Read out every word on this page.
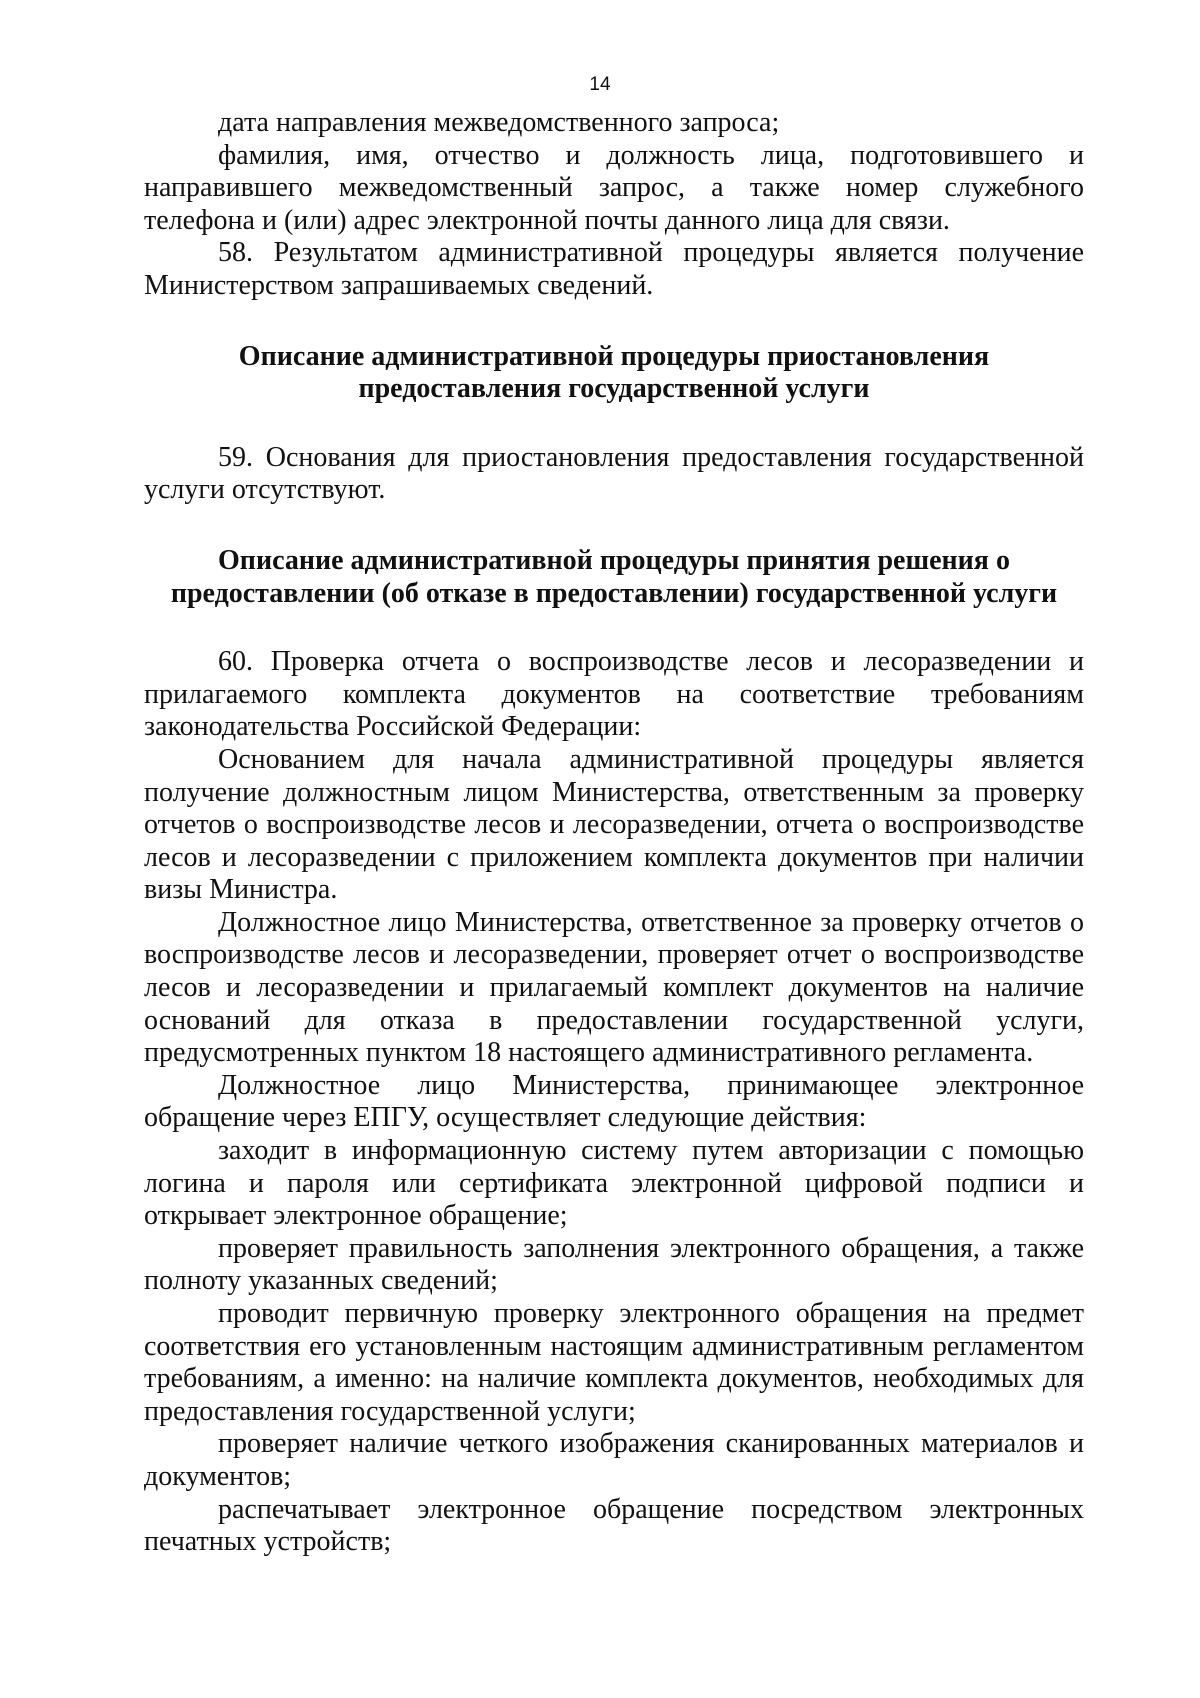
14

дата направления межведомственного запроса;

фамилия, имя, отчество и должность лица, подготовившего и направившего межведомственный запрос, а также номер служебного телефона и (или) адрес электронной почты данного лица для связи.

58. Результатом административной процедуры является получение Министерством запрашиваемых сведений.

Описание административной процедуры приостановления
предоставления государственной услуги

59. Основания для приостановления предоставления государственной услуги отсутствуют.

Описание административной процедуры принятия решения о
предоставлении (об отказе в предоставлении) государственной услуги

60. Проверка отчета о воспроизводстве лесов и лесоразведении и прилагаемого комплекта документов на соответствие требованиям законодательства Российской Федерации:

Основанием для начала административной процедуры является получение должностным лицом Министерства, ответственным за проверку отчетов о воспроизводстве лесов и лесоразведении, отчета о воспроизводстве лесов и лесоразведении с приложением комплекта документов при наличии визы Министра.

Должностное лицо Министерства, ответственное за проверку отчетов о воспроизводстве лесов и лесоразведении, проверяет отчет о воспроизводстве лесов и лесоразведении и прилагаемый комплект документов на наличие оснований для отказа в предоставлении государственной услуги, предусмотренных пунктом 18 настоящего административного регламента.

Должностное лицо Министерства, принимающее электронное обращение через ЕПГУ, осуществляет следующие действия:

заходит в информационную систему путем авторизации с помощью логина и пароля или сертификата электронной цифровой подписи и открывает электронное обращение;

проверяет правильность заполнения электронного обращения, а также полноту указанных сведений;

проводит первичную проверку электронного обращения на предмет соответствия его установленным настоящим административным регламентом требованиям, а именно: на наличие комплекта документов, необходимых для предоставления государственной услуги;

проверяет наличие четкого изображения сканированных материалов и документов;

распечатывает электронное обращение посредством электронных печатных устройств;
